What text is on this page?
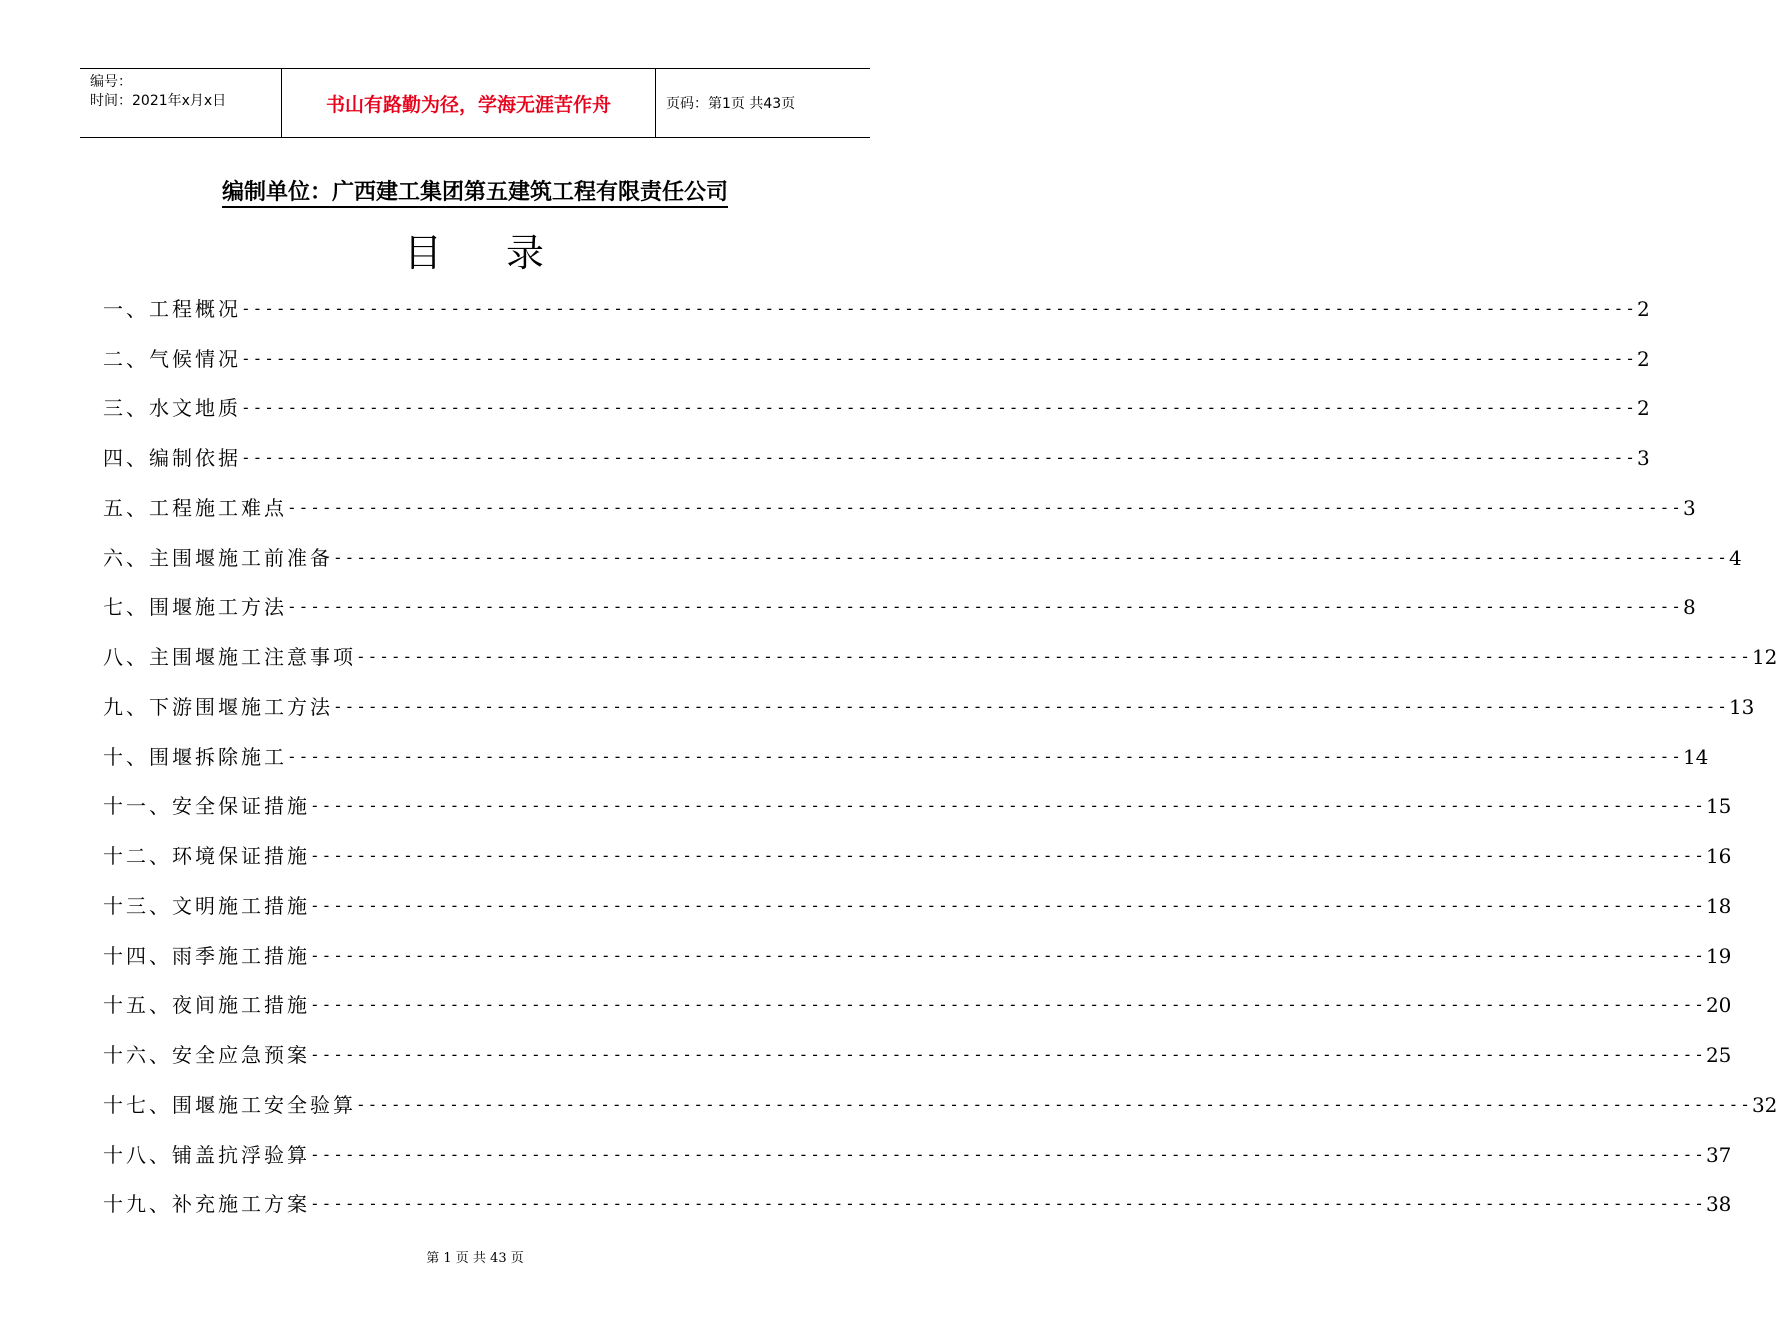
编号：
时间：2021年x月x日	书山有路勤为径，学海无涯苦作舟	页码：第1页 共43页
编制单位：广西建工集团第五建筑工程有限责任公司
目 录
一、工程概况 ------------------------------------------------------------------------------------------------------------------------ 2
二、气候情况 ------------------------------------------------------------------------------------------------------------------------ 2
三、水文地质 ------------------------------------------------------------------------------------------------------------------------ 2
四、编制依据 ------------------------------------------------------------------------------------------------------------------------ 3
五、工程施工难点 ------------------------------------------------------------------------------------------------------------------------ 3
六、主围堰施工前准备 ------------------------------------------------------------------------------------------------------------------------ 4
七、围堰施工方法 ------------------------------------------------------------------------------------------------------------------------ 8
八、主围堰施工注意事项 ------------------------------------------------------------------------------------------------------------------------ 12
九、下游围堰施工方法 ------------------------------------------------------------------------------------------------------------------------ 13
十、围堰拆除施工 ------------------------------------------------------------------------------------------------------------------------ 14
十一、安全保证措施 ------------------------------------------------------------------------------------------------------------------------ 15
十二、环境保证措施 ------------------------------------------------------------------------------------------------------------------------ 16
十三、文明施工措施 ------------------------------------------------------------------------------------------------------------------------ 18
十四、雨季施工措施 ------------------------------------------------------------------------------------------------------------------------ 19
十五、夜间施工措施 ------------------------------------------------------------------------------------------------------------------------ 20
十六、安全应急预案 ------------------------------------------------------------------------------------------------------------------------ 25
十七、围堰施工安全验算 ------------------------------------------------------------------------------------------------------------------------ 32
十八、铺盖抗浮验算 ------------------------------------------------------------------------------------------------------------------------ 37
十九、补充施工方案 ------------------------------------------------------------------------------------------------------------------------ 38
第 1 页 共 43 页
